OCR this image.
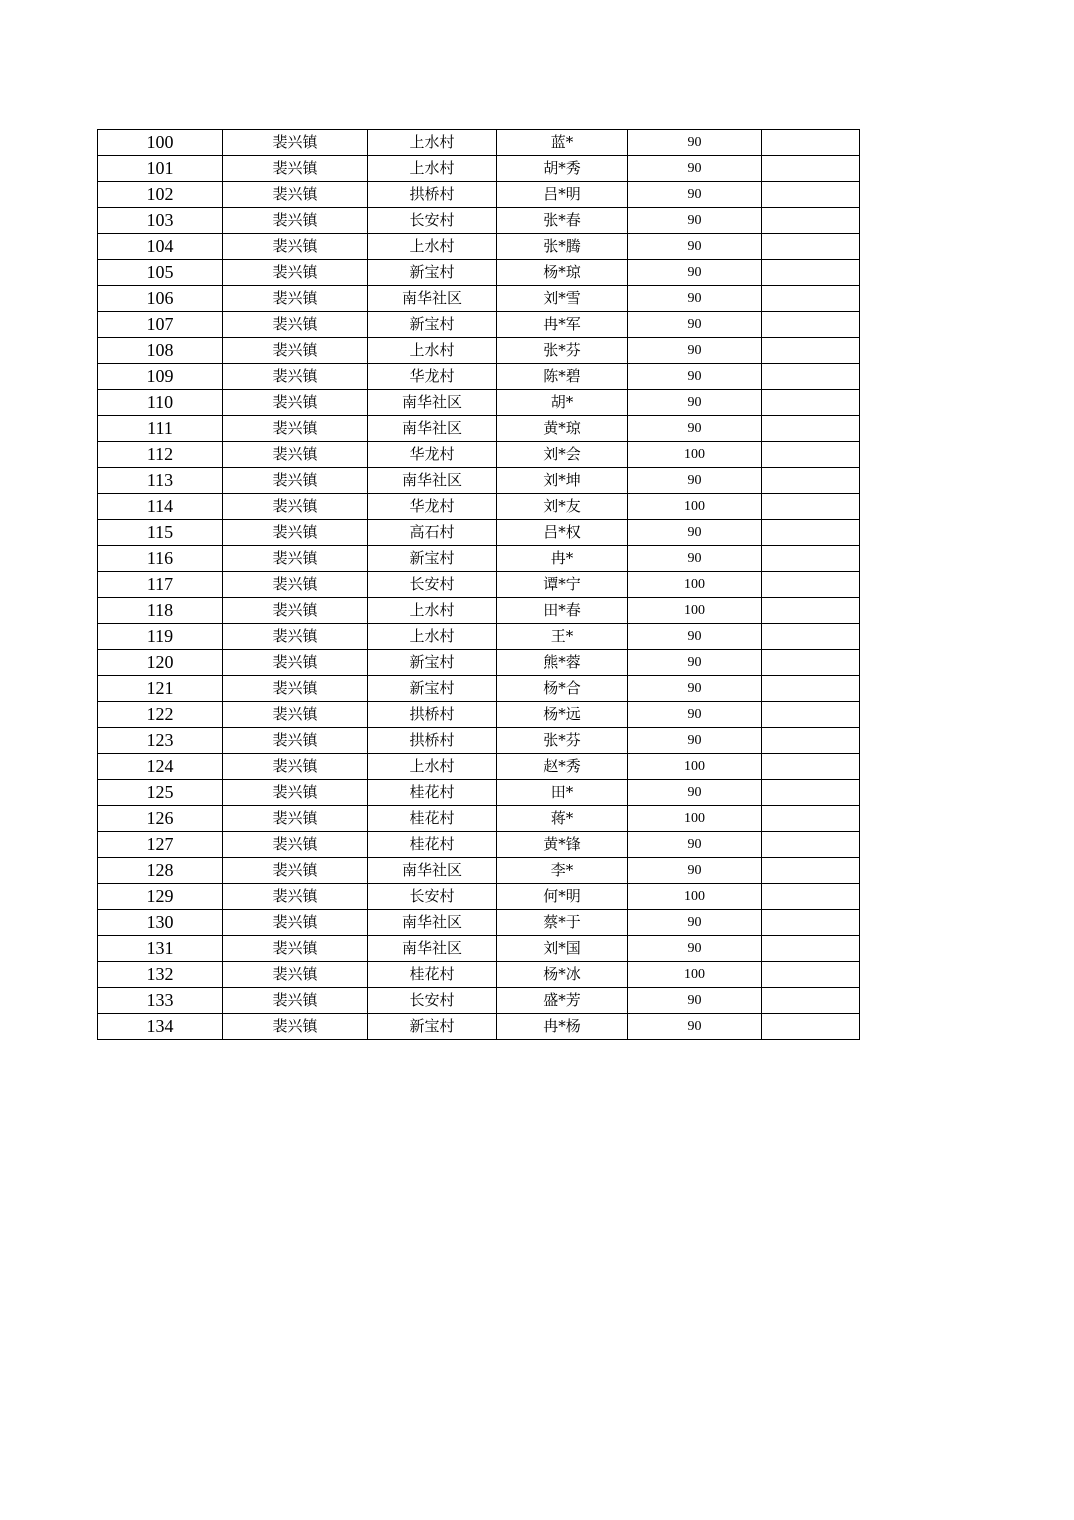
100	裴兴镇	上水村	蓝*	90	
101	裴兴镇	上水村	胡*秀	90	
102	裴兴镇	拱桥村	吕*明	90	
103	裴兴镇	长安村	张*春	90	
104	裴兴镇	上水村	张*腾	90	
105	裴兴镇	新宝村	杨*琼	90	
106	裴兴镇	南华社区	刘*雪	90	
107	裴兴镇	新宝村	冉*军	90	
108	裴兴镇	上水村	张*芬	90	
109	裴兴镇	华龙村	陈*碧	90	
110	裴兴镇	南华社区	胡*	90	
111	裴兴镇	南华社区	黄*琼	90	
112	裴兴镇	华龙村	刘*会	100	
113	裴兴镇	南华社区	刘*坤	90	
114	裴兴镇	华龙村	刘*友	100	
115	裴兴镇	高石村	吕*权	90	
116	裴兴镇	新宝村	冉*	90	
117	裴兴镇	长安村	谭*宁	100	
118	裴兴镇	上水村	田*春	100	
119	裴兴镇	上水村	王*	90	
120	裴兴镇	新宝村	熊*蓉	90	
121	裴兴镇	新宝村	杨*合	90	
122	裴兴镇	拱桥村	杨*远	90	
123	裴兴镇	拱桥村	张*芬	90	
124	裴兴镇	上水村	赵*秀	100	
125	裴兴镇	桂花村	田*	90	
126	裴兴镇	桂花村	蒋*	100	
127	裴兴镇	桂花村	黄*锋	90	
128	裴兴镇	南华社区	李*	90	
129	裴兴镇	长安村	何*明	100	
130	裴兴镇	南华社区	蔡*于	90	
131	裴兴镇	南华社区	刘*国	90	
132	裴兴镇	桂花村	杨*冰	100	
133	裴兴镇	长安村	盛*芳	90	
134	裴兴镇	新宝村	冉*杨	90	
